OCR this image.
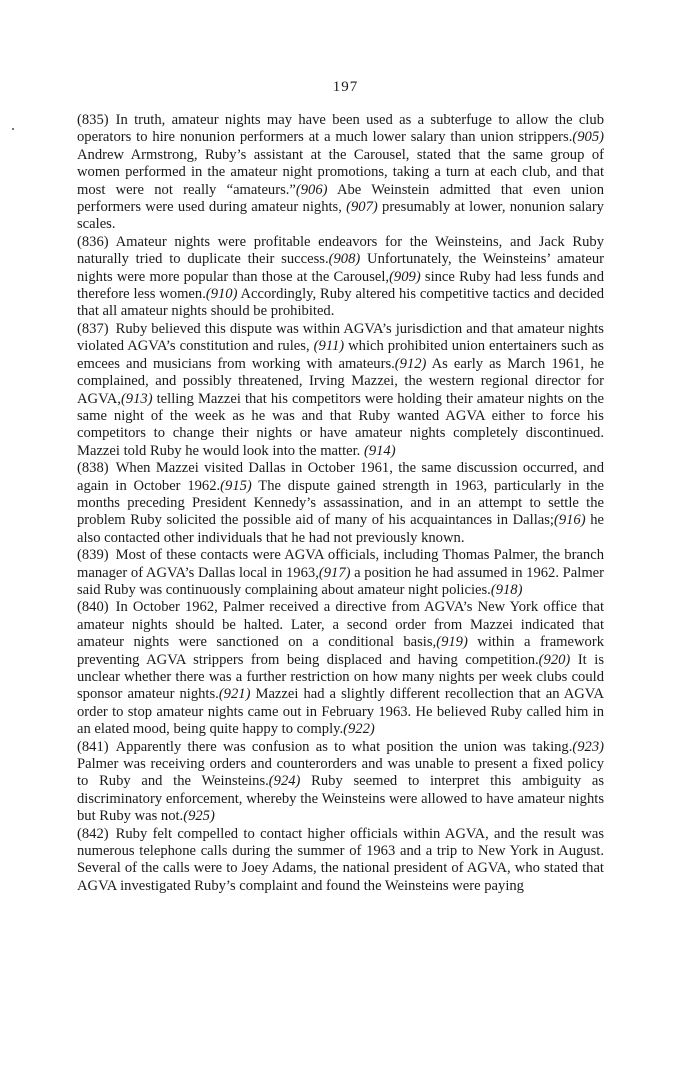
197

(835) In truth, amateur nights may have been used as a subterfuge to allow the club operators to hire nonunion performers at a much lower salary than union strippers.(905) Andrew Armstrong, Ruby’s assistant at the Carousel, stated that the same group of women performed in the amateur night promotions, taking a turn at each club, and that most were not really “amateurs.”(906) Abe Weinstein admitted that even union performers were used during amateur nights, (907) presumably at lower, nonunion salary scales.

(836) Amateur nights were profitable endeavors for the Weinsteins, and Jack Ruby naturally tried to duplicate their success.(908) Unfortunately, the Weinsteins’ amateur nights were more popular than those at the Carousel,(909) since Ruby had less funds and therefore less women.(910) Accordingly, Ruby altered his competitive tactics and decided that all amateur nights should be prohibited.

(837) Ruby believed this dispute was within AGVA’s jurisdiction and that amateur nights violated AGVA’s constitution and rules, (911) which prohibited union entertainers such as emcees and musicians from working with amateurs.(912) As early as March 1961, he complained, and possibly threatened, Irving Mazzei, the western regional director for AGVA,(913) telling Mazzei that his competitors were holding their amateur nights on the same night of the week as he was and that Ruby wanted AGVA either to force his competitors to change their nights or have amateur nights completely discontinued. Mazzei told Ruby he would look into the matter. (914)

(838) When Mazzei visited Dallas in October 1961, the same discussion occurred, and again in October 1962.(915) The dispute gained strength in 1963, particularly in the months preceding President Kennedy’s assassination, and in an attempt to settle the problem Ruby solicited the possible aid of many of his acquaintances in Dallas;(916) he also contacted other individuals that he had not previously known.

(839) Most of these contacts were AGVA officials, including Thomas Palmer, the branch manager of AGVA’s Dallas local in 1963,(917) a position he had assumed in 1962. Palmer said Ruby was continuously complaining about amateur night policies.(918)

(840) In October 1962, Palmer received a directive from AGVA’s New York office that amateur nights should be halted. Later, a second order from Mazzei indicated that amateur nights were sanctioned on a conditional basis,(919) within a framework preventing AGVA strippers from being displaced and having competition.(920) It is unclear whether there was a further restriction on how many nights per week clubs could sponsor amateur nights.(921) Mazzei had a slightly different recollection that an AGVA order to stop amateur nights came out in February 1963. He believed Ruby called him in an elated mood, being quite happy to comply.(922)

(841) Apparently there was confusion as to what position the union was taking.(923) Palmer was receiving orders and counterorders and was unable to present a fixed policy to Ruby and the Weinsteins.(924) Ruby seemed to interpret this ambiguity as discriminatory enforcement, whereby the Weinsteins were allowed to have amateur nights but Ruby was not.(925)

(842) Ruby felt compelled to contact higher officials within AGVA, and the result was numerous telephone calls during the summer of 1963 and a trip to New York in August. Several of the calls were to Joey Adams, the national president of AGVA, who stated that AGVA investigated Ruby’s complaint and found the Weinsteins were paying
